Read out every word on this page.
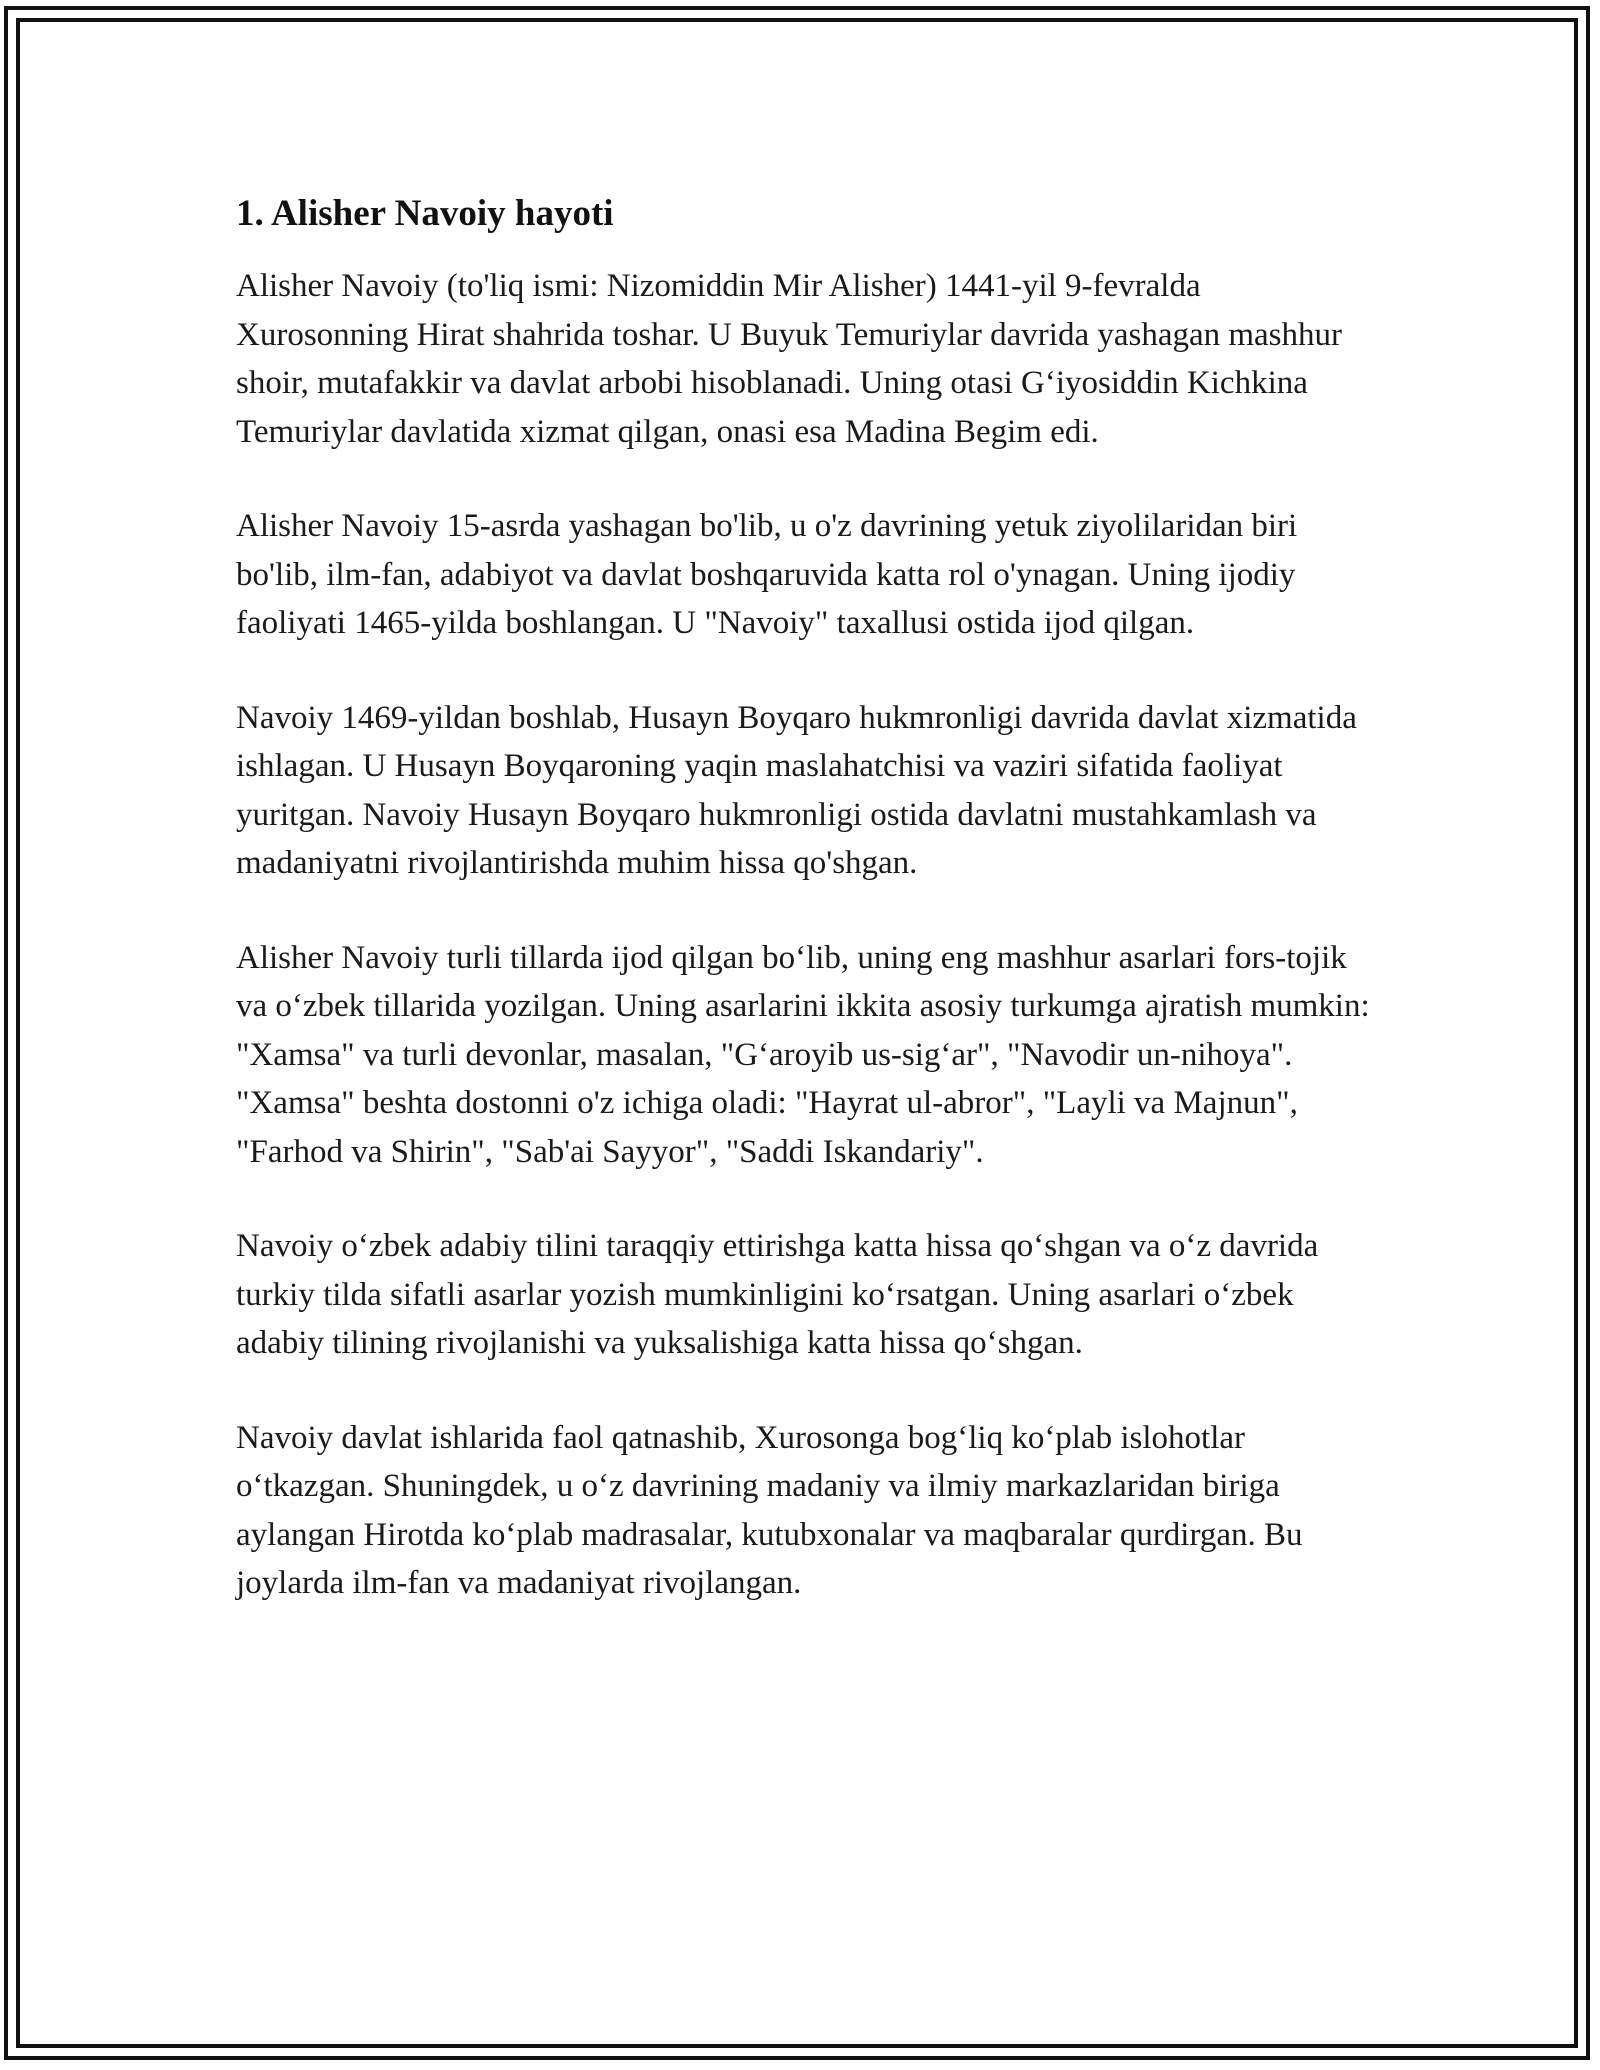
1. Alisher Navoiy hayoti

Alisher Navoiy (to'liq ismi: Nizomiddin Mir Alisher) 1441-yil 9-fevralda Xurosonning Hirat shahrida toshar. U Buyuk Temuriylar davrida yashagan mashhur shoir, mutafakkir va davlat arbobi hisoblanadi. Uning otasi G‘iyosiddin Kichkina Temuriylar davlatida xizmat qilgan, onasi esa Madina Begim edi.

Alisher Navoiy 15-asrda yashagan bo'lib, u o'z davrining yetuk ziyolilaridan biri bo'lib, ilm-fan, adabiyot va davlat boshqaruvida katta rol o'ynagan. Uning ijodiy faoliyati 1465-yilda boshlangan. U "Navoiy" taxallusi ostida ijod qilgan.

Navoiy 1469-yildan boshlab, Husayn Boyqaro hukmronligi davrida davlat xizmatida ishlagan. U Husayn Boyqaroning yaqin maslahatchisi va vaziri sifatida faoliyat yuritgan. Navoiy Husayn Boyqaro hukmronligi ostida davlatni mustahkamlash va madaniyatni rivojlantirishda muhim hissa qo'shgan.

Alisher Navoiy turli tillarda ijod qilgan bo‘lib, uning eng mashhur asarlari fors-tojik va o‘zbek tillarida yozilgan. Uning asarlarini ikkita asosiy turkumga ajratish mumkin: "Xamsa" va turli devonlar, masalan, "G‘aroyib us-sig‘ar", "Navodir un-nihoya". "Xamsa" beshta dostonni o'z ichiga oladi: "Hayrat ul-abror", "Layli va Majnun", "Farhod va Shirin", "Sab'ai Sayyor", "Saddi Iskandariy".

Navoiy o‘zbek adabiy tilini taraqqiy ettirishga katta hissa qo‘shgan va o‘z davrida turkiy tilda sifatli asarlar yozish mumkinligini ko‘rsatgan. Uning asarlari o‘zbek adabiy tilining rivojlanishi va yuksalishiga katta hissa qo‘shgan.

Navoiy davlat ishlarida faol qatnashib, Xurosonga bog‘liq ko‘plab islohotlar o‘tkazgan. Shuningdek, u o‘z davrining madaniy va ilmiy markazlaridan biriga aylangan Hirotda ko‘plab madrasalar, kutubxonalar va maqbaralar qurdirgan. Bu joylarda ilm-fan va madaniyat rivojlangan.
